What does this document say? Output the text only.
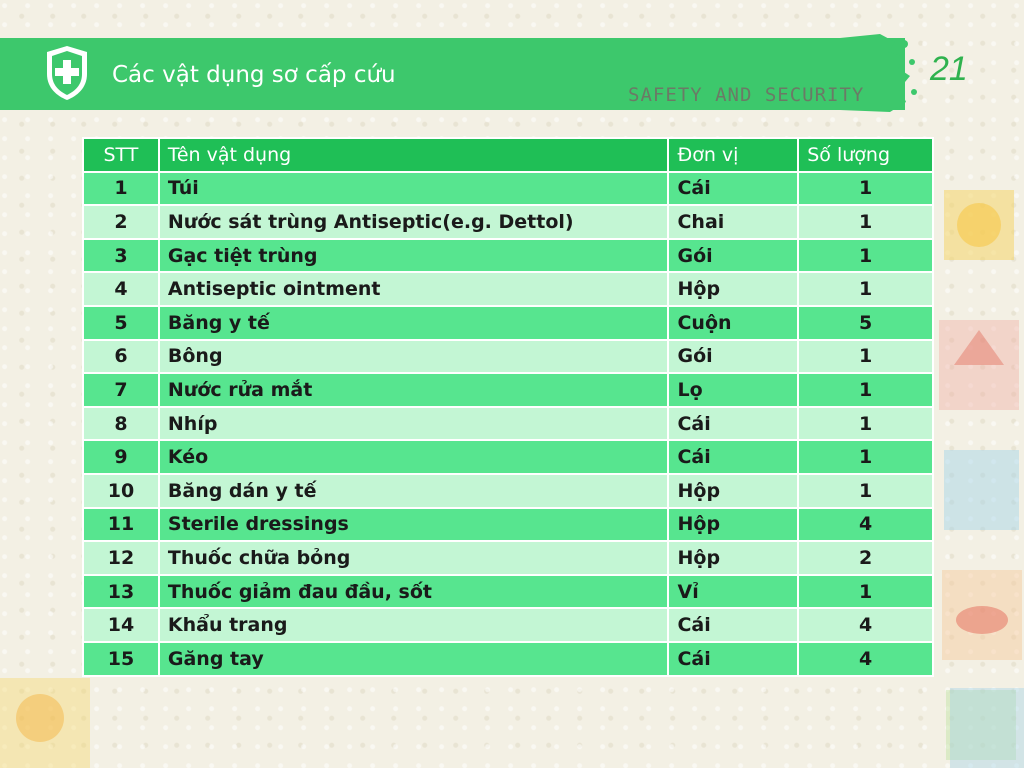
Các vật dụng sơ cấp cứu
SAFETY AND SECURITY
21
STT	Tên vật dụng	Đơn vị	Số lượng
1	Túi	Cái	1
2	Nước sát trùng Antiseptic(e.g. Dettol)	Chai	1
3	Gạc tiệt trùng	Gói	1
4	Antiseptic ointment	Hộp	1
5	Băng y tế	Cuộn	5
6	Bông	Gói	1
7	Nước rửa mắt	Lọ	1
8	Nhíp	Cái	1
9	Kéo	Cái	1
10	Băng dán y tế	Hộp	1
11	Sterile dressings	Hộp	4
12	Thuốc chữa bỏng	Hộp	2
13	Thuốc giảm đau đầu, sốt	Vỉ	1
14	Khẩu trang	Cái	4
15	Găng tay	Cái	4
